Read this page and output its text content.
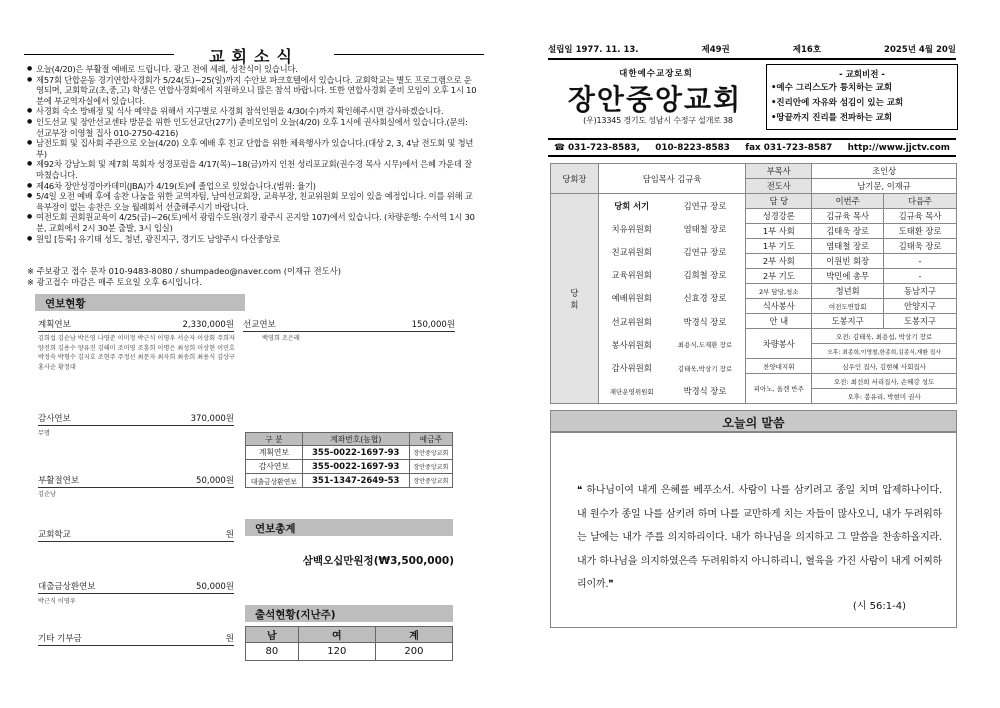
교회소식
● 오늘(4/20)은 부활절 예배로 드립니다. 광고 전에 세례, 성찬식이 있습니다.
● 제57회 단합운동 경기연합사경회가 5/24(토)~25(일)까지 수안보 파크호텔에서 있습니다. 교회학교는 별도 프로그램으로 운영되며, 교회학교(초,중,고) 학생은 연합사경회에서 지원하오니 많은 참석 바랍니다. 또한 연합사경회 준비 모임이 오후 1시 10분에 부교역자실에서 있습니다.
● 사경회 숙소 방배정 및 식사 예약을 위해서 지구별로 사경회 참석인원을 4/30(수)까지 확인해주시면 감사하겠습니다.
● 인도선교 및 장안선교센타 방문을 위한 인도선교단(27기) 준비모임이 오늘(4/20) 오후 1시에 권사회실에서 있습니다.(문의: 선교부장 이영철 집사 010-2750-4216)
● 남전도회 및 집사회 주관으로 오늘(4/20) 오후 예배 후 친교 단합을 위한 체육행사가 있습니다.(대상 2, 3, 4남 전도회 및 청년부)
● 제92차 강남노회 및 제7회 목회자 성경포럼을 4/17(목)~18(금)까지 인천 성리포교회(권수경 목사 시무)에서 은혜 가운데 잘 마쳤습니다.
● 제46차 장안성경아카데미(JBA)가 4/19(토)에 졸업으로 있었습니다.(범위: 율기)
● 5/4일 오전 예배 후에 송찬 나눔을 위한 교역자팀, 남여선교회장, 교육부장, 친교위원회 모임이 있을 예정입니다. 이를 위해 교육부장이 없는 송찬은 오늘 월례회서 선출해주시기 바랍니다.
● 여전도회 권회원교육이 4/25(금)~26(토)에서 광림수도원(경기 광주시 곤지암 107)에서 있습니다. (차량운행: 수서역 1시 30분, 교회에서 2시 30분 출발, 3시 입실)
● 원입 [등록] 유기태 성도, 청년, 광진지구, 경기도 남양주시 다산중앙로
※ 주보광고 접수 문자 010-9483-8080 / shumpadeo@naver.com (이재규 전도사)
※ 광고접수 마감은 매주 토요일 오후 6시입니다.
연보현황
계획연보	2,330,000원
김희섭 김순남 박은영 나영준 이미정 박근식 이영우 서순자 이상회 주희자 양진희 김용수 양유진 김해미 조미영 조흥희 이명은 최성희 이상현 이민호 박정숙 박형수 김지호 조현주 주정선 최문자 최자희 최송희 최용식 김상구 홍사순 황정대
감사연보	370,000원
무명
부활절연보	50,000원
김순남
교회학교	원
대출금상환연보	50,000원
박근식 이영우
기타 기부금	원
선교연보	150,000원
백영희 조은래
구 분	계좌번호(농협)	예금주
계획연보	355-0022-1697-93	장안중앙교회
감사연보	355-0022-1697-93	장안중앙교회
대출금상환연보	351-1347-2649-53	장안중앙교회
연보총계
삼백오십만원정(₩3,500,000)
출석현황(지난주)
남	여	계
80	120	200
설립일 1977. 11. 13.	제49권	제16호	2025년 4월 20일
대한예수교장로회
장안중앙교회
(우)13345 경기도 성남시 수정구 설개로 38
- 교회비전 -
•예수 그리스도가 통치하는 교회
•진리안에 자유와 섬김이 있는 교회
•땅끝까지 진리를 전파하는 교회
☎ 031-723-8583, 010-8223-8583 fax 031-723-8587 http://www.jjctv.com
당회장	담임목사 김규육	부목사	조인상
전도사	남기문, 이재규

당
회

당회 서기	김연규 장로
치유위원회	염태철 장로
친교위원회	김연규 장로
교육위원회	김희철 장로
예배위원회	신효경 장로
선교위원회	박경식 장로
봉사위원회	최용식,도재환 장로
감사위원회	김태욱,박상기 장로
재단운영위원회	박경식 장로
	담 당	이번주	다음주
성경강론	김규육 목사	김규육 목사
1부 사회	김태욱 장로	도태환 장로
1부 기도	염태철 장로	김태욱 장로
2부 사회	이원빈 회장	-
2부 기도	박민에 총무	-
2부 담당,청소	청년회	동남지구
식사봉사	여전도연합회	안양지구
안 내	도봉지구	도봉지구
차량봉사	오전: 김태욱, 최용섭, 박상기 장로
오후: 최종희,이영철,한종희,김종식,재환 집사
찬양대지휘	심우인 집사, 김현혜 사회집사
피아노, 올겐 반주	오전: 최선희 서리집사, 손혜강 성도
오후: 봉유리, 박현미 권사
오늘의 말씀
❝ 하나님이여 내게 은혜를 베푸소서. 사람이 나를 삼키려고 종일 치며 압제하나이다. 내 원수가 종일 나를 삼키려 하며 나를 교만하게 치는 자들이 많사오니, 내가 두려워하는 날에는 내가 주를 의지하리이다. 내가 하나님을 의지하고 그 말씀을 찬송하올지라. 내가 하나님을 의지하였은즉 두려워하지 아니하리니, 혈육을 가진 사람이 내게 어찌하리이까.❞
(시 56:1-4)
